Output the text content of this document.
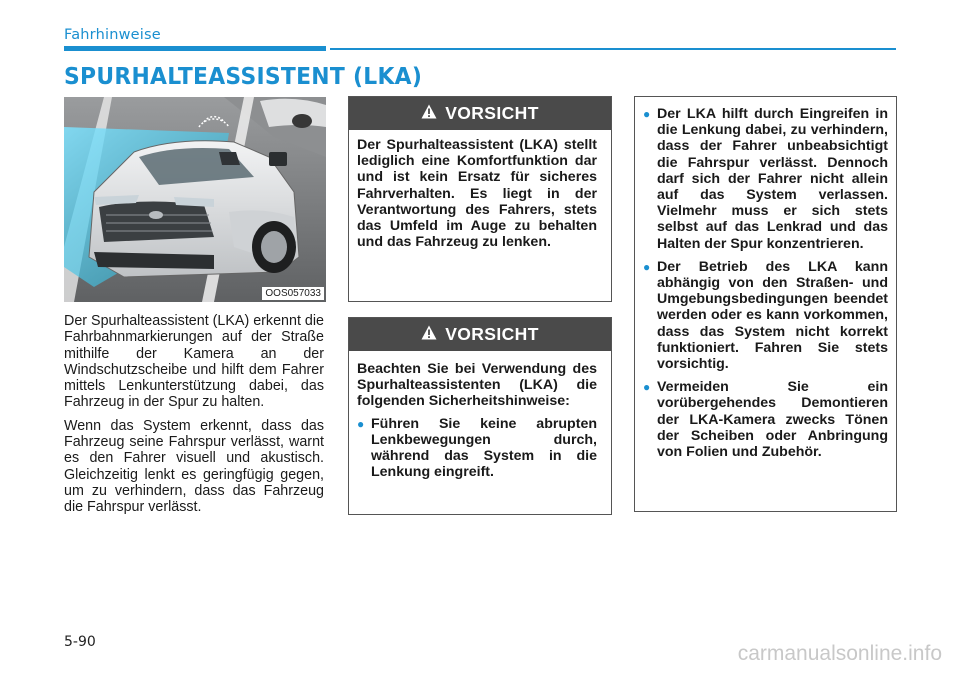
Fahrhinweise
SPURHALTEASSISTENT (LKA)
OOS057033

Der Spurhalteassistent (LKA) erkennt die Fahrbahnmarkierungen auf der Straße mithilfe der Kamera an der Windschutzscheibe und hilft dem Fahrer mittels Lenkunterstützung dabei, das Fahrzeug in der Spur zu halten.

Wenn das System erkennt, dass das Fahrzeug seine Fahrspur verlässt, warnt es den Fahrer visuell und akustisch. Gleichzeitig lenkt es geringfügig gegen, um zu verhindern, dass das Fahrzeug die Fahrspur verlässt.

VORSICHT

Der Spurhalteassistent (LKA) stellt lediglich eine Komfortfunktion dar und ist kein Ersatz für sicheres Fahrverhalten. Es liegt in der Verantwortung des Fahrers, stets das Umfeld im Auge zu behalten und das Fahrzeug zu lenken.

VORSICHT

Beachten Sie bei Verwendung des Spurhalteassistenten (LKA) die folgenden Sicherheitshinweise:

● Führen Sie keine abrupten Lenkbewegungen durch, während das System in die Lenkung eingreift.
● Der LKA hilft durch Eingreifen in die Lenkung dabei, zu verhindern, dass der Fahrer unbeabsichtigt die Fahrspur verlässt. Dennoch darf sich der Fahrer nicht allein auf das System verlassen. Vielmehr muss er sich stets selbst auf das Lenkrad und das Halten der Spur konzentrieren.
● Der Betrieb des LKA kann abhängig von den Straßen- und Umgebungsbedingungen beendet werden oder es kann vorkommen, dass das System nicht korrekt funktioniert. Fahren Sie stets vorsichtig.
● Vermeiden Sie ein vorübergehendes Demontieren der LKA-Kamera zwecks Tönen der Scheiben oder Anbringung von Folien und Zubehör.
5-90	carmanualsonline.info
